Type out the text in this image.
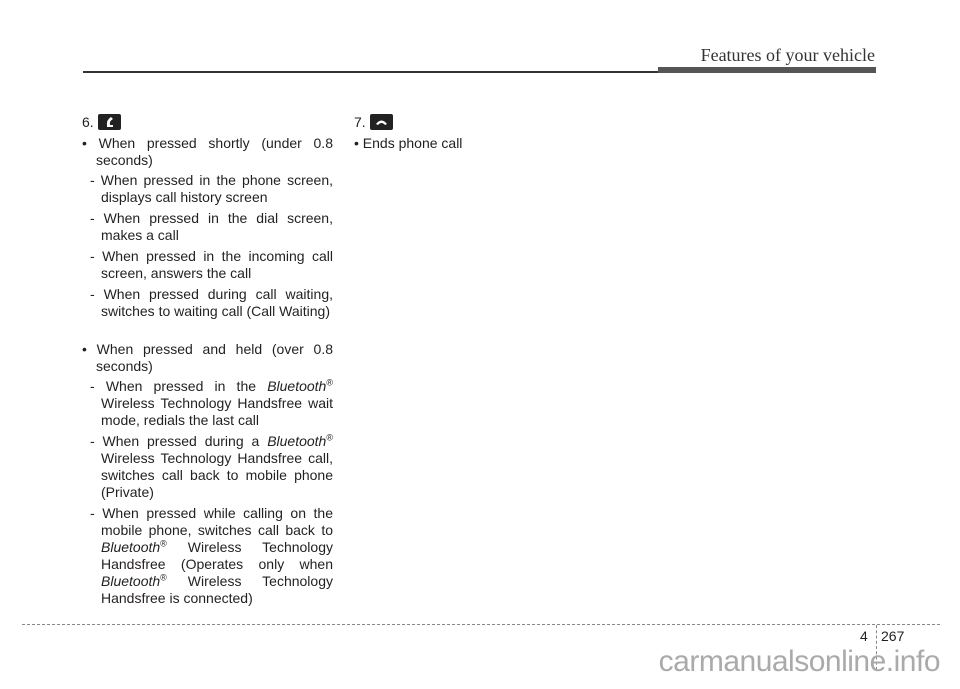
Features of your vehicle
6.
• When pressed shortly (under 0.8 seconds)
- When pressed in the phone screen, displays call history screen
- When pressed in the dial screen, makes a call
- When pressed in the incoming call screen, answers the call
- When pressed during call waiting, switches to waiting call (Call Waiting)
• When pressed and held (over 0.8 seconds)
- When pressed in the Bluetooth® Wireless Technology Handsfree wait mode, redials the last call
- When pressed during a Bluetooth® Wireless Technology Handsfree call, switches call back to mobile phone (Private)
- When pressed while calling on the mobile phone, switches call back to Bluetooth® Wireless Technology Handsfree (Operates only when Bluetooth® Wireless Technology Handsfree is connected)
7.
• Ends phone call
4 267
carmanualsonline.info
